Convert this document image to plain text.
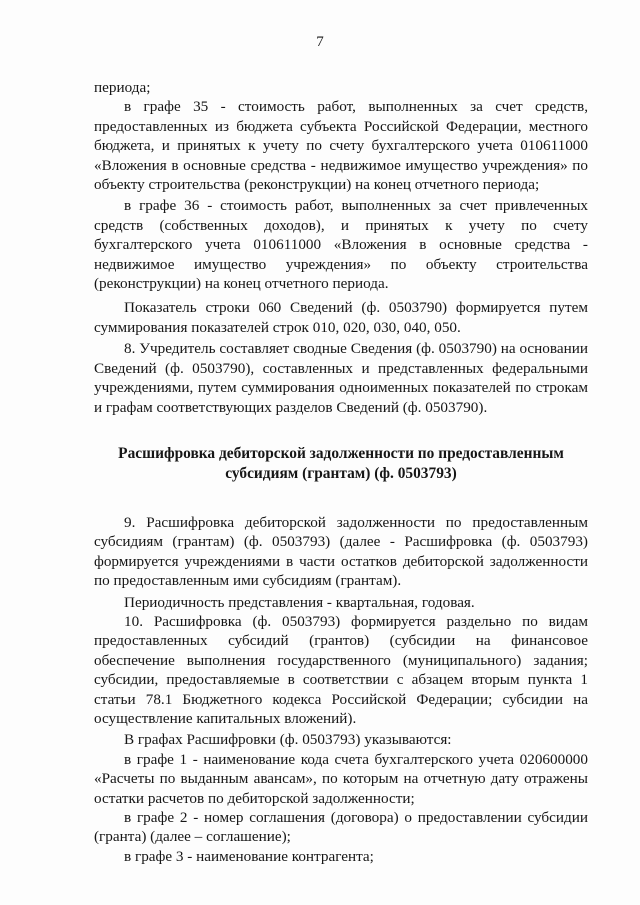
7

периода;

в графе 35 - стоимость работ, выполненных за счет средств, предоставленных из бюджета субъекта Российской Федерации, местного бюджета, и принятых к учету по счету бухгалтерского учета 010611000 «Вложения в основные средства - недвижимое имущество учреждения» по объекту строительства (реконструкции) на конец отчетного периода;

в графе 36 - стоимость работ, выполненных за счет привлеченных средств (собственных доходов), и принятых к учету по счету бухгалтерского учета 010611000 «Вложения в основные средства - недвижимое имущество учреждения» по объекту строительства (реконструкции) на конец отчетного периода.

Показатель строки 060 Сведений (ф. 0503790) формируется путем суммирования показателей строк 010, 020, 030, 040, 050.

8. Учредитель составляет сводные Сведения (ф. 0503790) на основании Сведений (ф. 0503790), составленных и представленных федеральными учреждениями, путем суммирования одноименных показателей по строкам и графам соответствующих разделов Сведений (ф. 0503790).

Расшифровка дебиторской задолженности по предоставленным
субсидиям (грантам) (ф. 0503793)

9. Расшифровка дебиторской задолженности по предоставленным субсидиям (грантам) (ф. 0503793) (далее - Расшифровка (ф. 0503793) формируется учреждениями в части остатков дебиторской задолженности по предоставленным ими субсидиям (грантам).

Периодичность представления - квартальная, годовая.

10. Расшифровка (ф. 0503793) формируется раздельно по видам предоставленных субсидий (грантов) (субсидии на финансовое обеспечение выполнения государственного (муниципального) задания; субсидии, предоставляемые в соответствии с абзацем вторым пункта 1 статьи 78.1 Бюджетного кодекса Российской Федерации; субсидии на осуществление капитальных вложений).

В графах Расшифровки (ф. 0503793) указываются:

в графе 1 - наименование кода счета бухгалтерского учета 020600000 «Расчеты по выданным авансам», по которым на отчетную дату отражены остатки расчетов по дебиторской задолженности;

в графе 2 - номер соглашения (договора) о предоставлении субсидии (гранта) (далее – соглашение);

в графе 3 - наименование контрагента;
